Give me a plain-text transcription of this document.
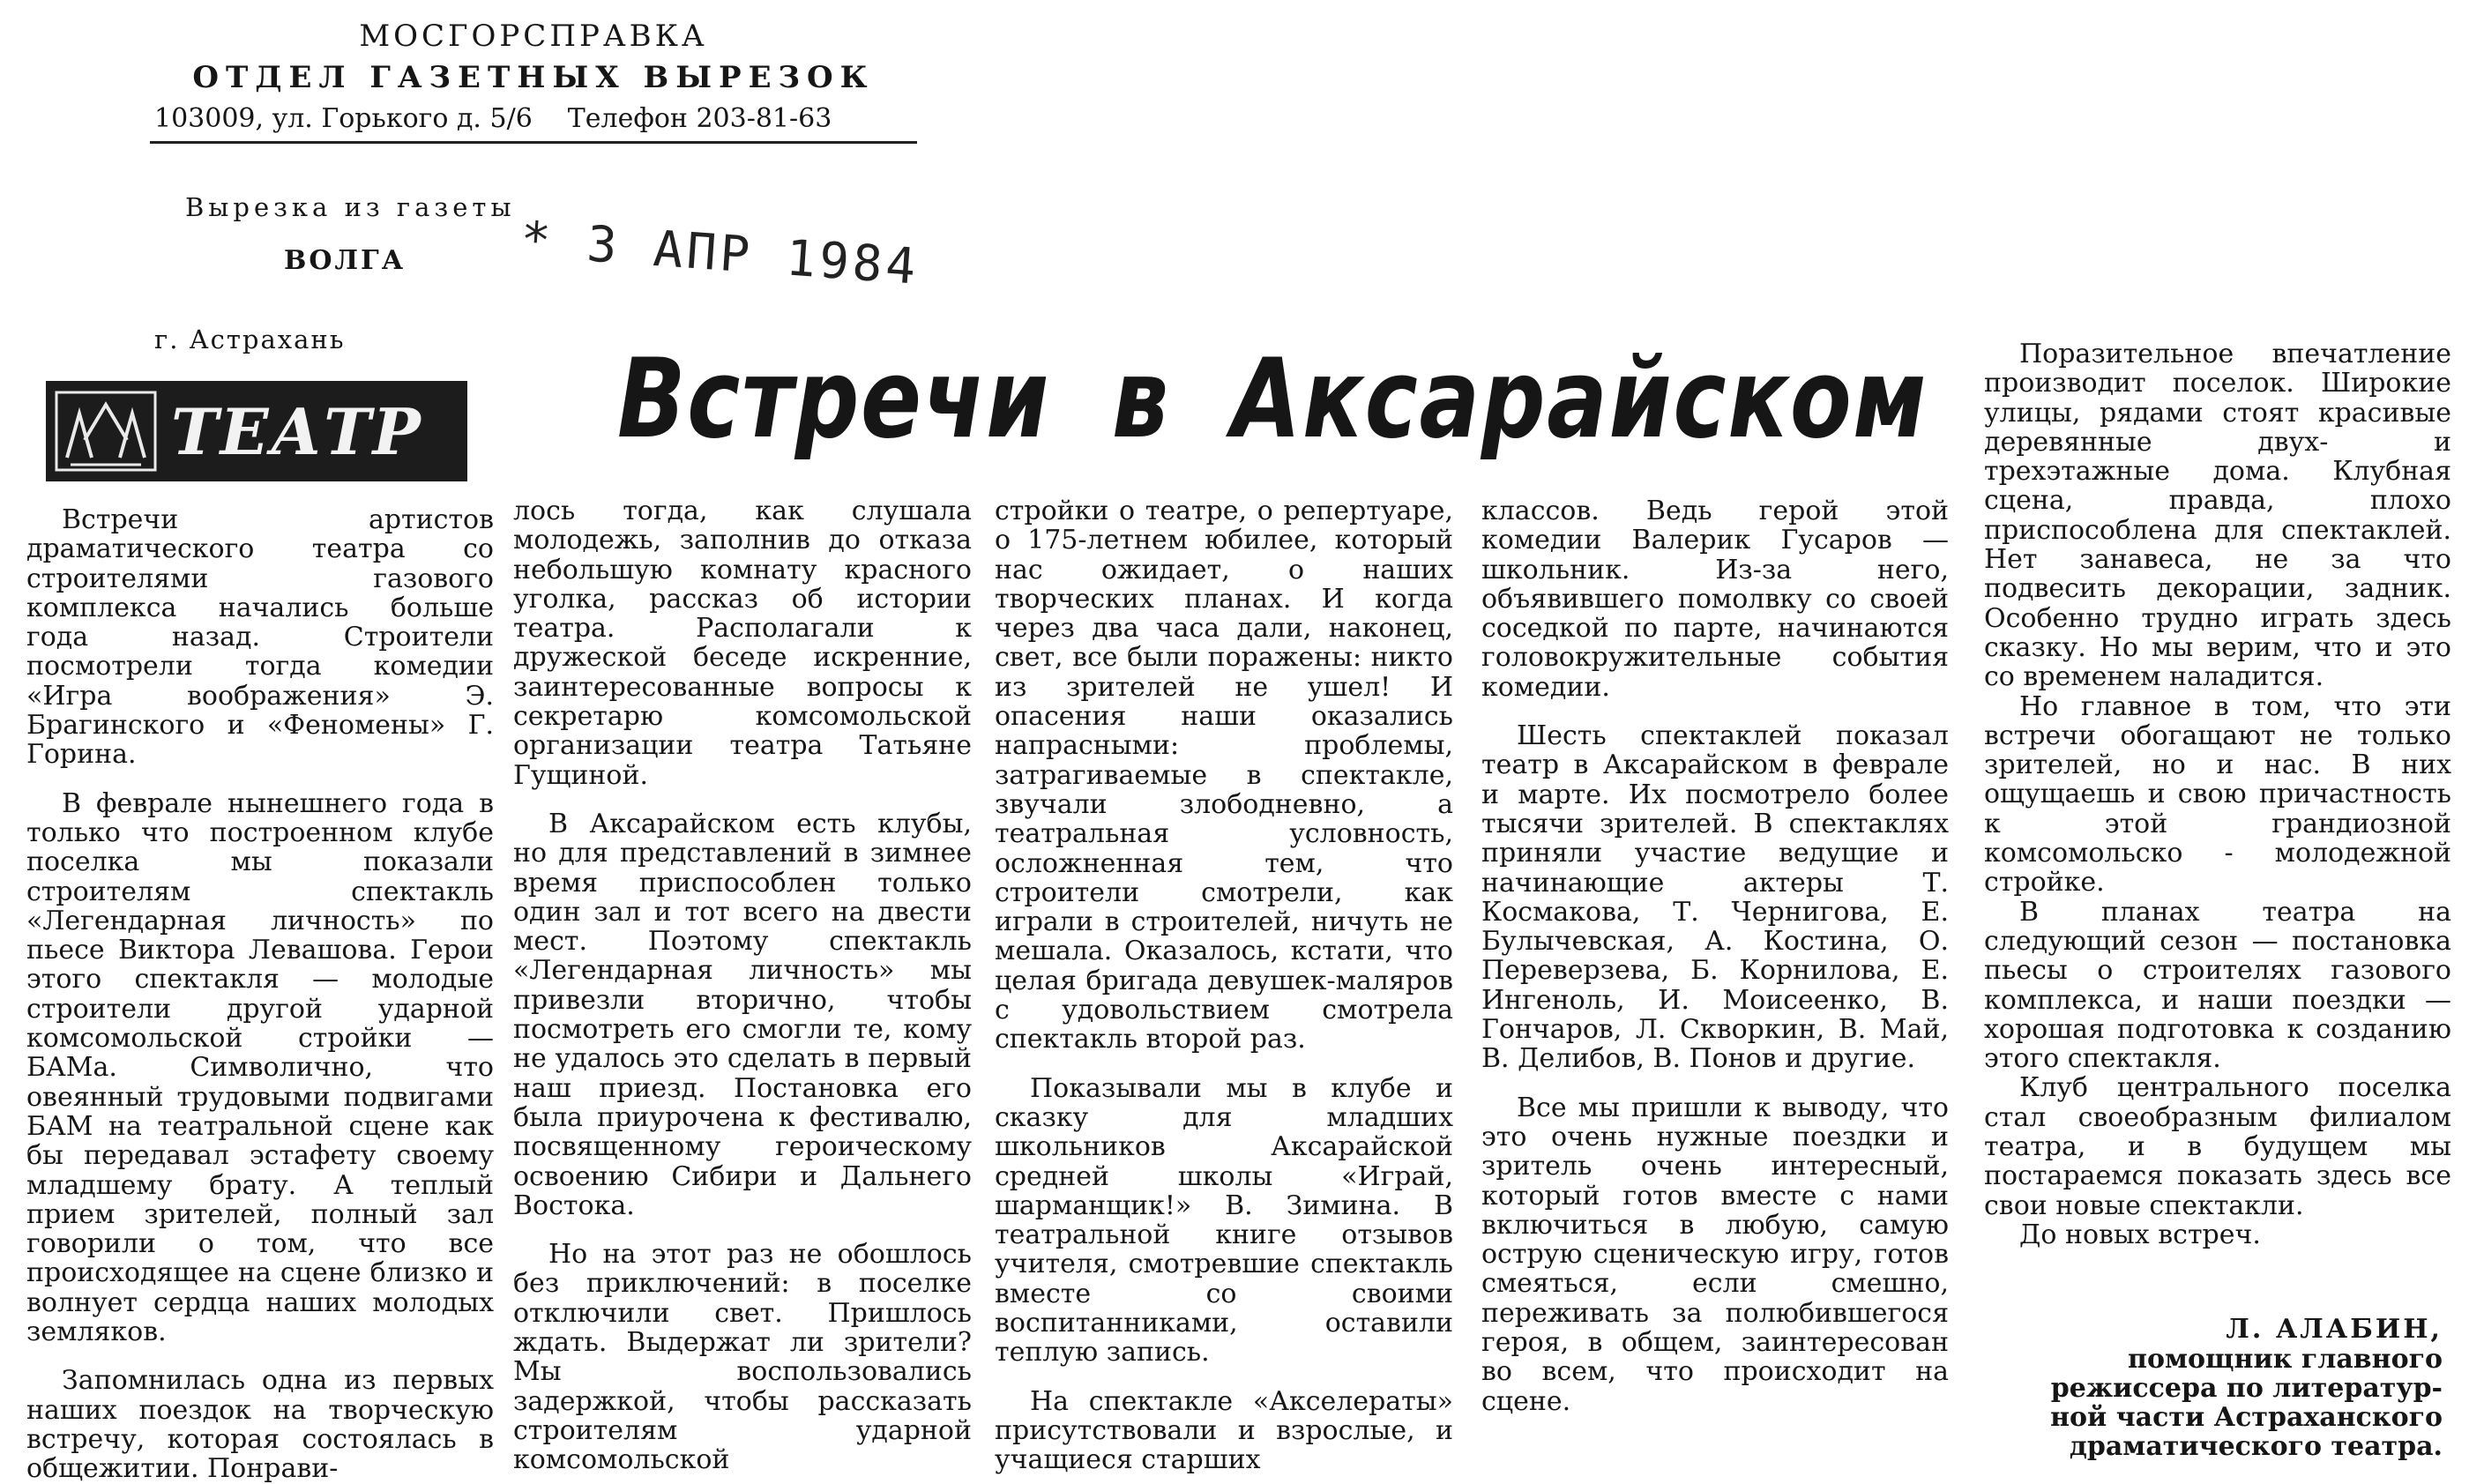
МОСГОРСПРАВКА
ОТДЕЛ ГАЗЕТНЫХ ВЫРЕЗОК
103009, ул. Горького д. 5/6 Телефон 203-81-63
Вырезка из газеты
ВОЛГА
г. Астрахань
* 3 АПР 1984
ТЕАТР Встречи в Аксарайском

Встречи артистов драматического театра со строителями газового комплекса начались больше года назад. Строители посмотрели тогда комедии «Игра воображения» Э. Брагинского и «Феномены» Г. Горина.

В феврале нынешнего года в только что построенном клубе поселка мы показали строителям спектакль «Легендарная личность» по пьесе Виктора Левашова. Герои этого спектакля — молодые строители другой ударной комсомольской стройки — БАМа. Символично, что овеянный трудовыми подвигами БАМ на театральной сцене как бы передавал эстафету своему младшему брату. А теплый прием зрителей, полный зал говорили о том, что все происходящее на сцене близко и волнует сердца наших молодых земляков.

Запомнилась одна из первых наших поездок на творческую встречу, которая состоялась в общежитии. Понрави-

лось тогда, как слушала молодежь, заполнив до отказа небольшую комнату красного уголка, рассказ об истории театра. Располагали к дружеской беседе искренние, заинтересованные вопросы к секретарю комсомольской организации театра Татьяне Гущиной.

В Аксарайском есть клубы, но для представлений в зимнее время приспособлен только один зал и тот всего на двести мест. Поэтому спектакль «Легендарная личность» мы привезли вторично, чтобы посмотреть его смогли те, кому не удалось это сделать в первый наш приезд. Постановка его была приурочена к фестивалю, посвященному героическому освоению Сибири и Дальнего Востока.

Но на этот раз не обошлось без приключений: в поселке отключили свет. Пришлось ждать. Выдержат ли зрители? Мы воспользовались задержкой, чтобы рассказать строителям ударной комсомольской

стройки о театре, о репертуаре, о 175-летнем юбилее, который нас ожидает, о наших творческих планах. И когда через два часа дали, наконец, свет, все были поражены: никто из зрителей не ушел! И опасения наши оказались напрасными: проблемы, затрагиваемые в спектакле, звучали злободневно, а театральная условность, осложненная тем, что строители смотрели, как играли в строителей, ничуть не мешала. Оказалось, кстати, что целая бригада девушек-маляров с удовольствием смотрела спектакль второй раз.

Показывали мы в клубе и сказку для младших школьников Аксарайской средней школы «Играй, шарманщик!» В. Зимина. В театральной книге отзывов учителя, смотревшие спектакль вместе со своими воспитанниками, оставили теплую запись.

На спектакле «Акселераты» присутствовали и взрослые, и учащиеся старших

классов. Ведь герой этой комедии Валерик Гусаров — школьник. Из-за него, объявившего помолвку со своей соседкой по парте, начинаются головокружительные события комедии.

Шесть спектаклей показал театр в Аксарайском в феврале и марте. Их посмотрело более тысячи зрителей. В спектаклях приняли участие ведущие и начинающие актеры Т. Космакова, Т. Чернигова, Е. Булычевская, А. Костина, О. Переверзева, Б. Корнилова, Е. Ингеноль, И. Моисеенко, В. Гончаров, Л. Скворкин, В. Май, В. Делибов, В. Понов и другие.

Все мы пришли к выводу, что это очень нужные поездки и зритель очень интересный, который готов вместе с нами включиться в любую, самую острую сценическую игру, готов смеяться, если смешно, переживать за полюбившегося героя, в общем, заинтересован во всем, что происходит на сцене.

Поразительное впечатление производит поселок. Широкие улицы, рядами стоят красивые деревянные двух- и трехэтажные дома. Клубная сцена, правда, плохо приспособлена для спектаклей. Нет занавеса, не за что подвесить декорации, задник. Особенно трудно играть здесь сказку. Но мы верим, что и это со временем наладится.

Но главное в том, что эти встречи обогащают не только зрителей, но и нас. В них ощущаешь и свою причастность к этой грандиозной комсомольско - молодежной стройке.

В планах театра на следующий сезон — постановка пьесы о строителях газового комплекса, и наши поездки — хорошая подготовка к созданию этого спектакля.

Клуб центрального поселка стал своеобразным филиалом театра, и в будущем мы постараемся показать здесь все свои новые спектакли.

До новых встреч.

Л. АЛАБИН,
помощник главного
режиссера по литератур-
ной части Астраханского
драматического театра.
